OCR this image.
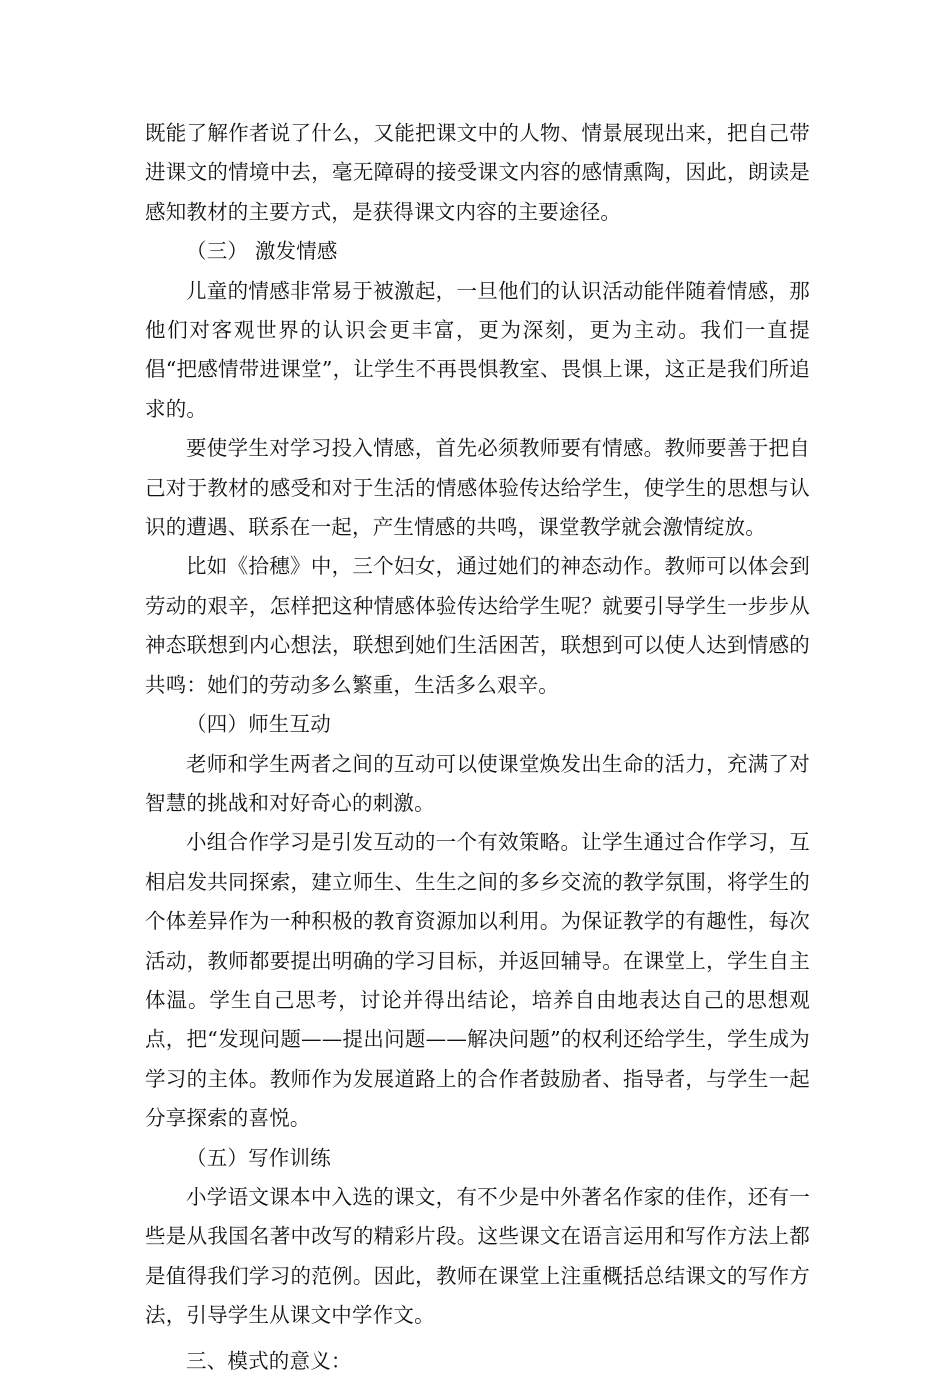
既能了解作者说了什么，又能把课文中的人物、情景展现出来，把自己带进课文的情境中去，毫无障碍的接受课文内容的感情熏陶，因此，朗读是感知教材的主要方式，是获得课文内容的主要途径。

（三） 激发情感

儿童的情感非常易于被激起，一旦他们的认识活动能伴随着情感，那他们对客观世界的认识会更丰富，更为深刻，更为主动。我们一直提倡“把感情带进课堂”，让学生不再畏惧教室、畏惧上课，这正是我们所追求的。

要使学生对学习投入情感，首先必须教师要有情感。教师要善于把自己对于教材的感受和对于生活的情感体验传达给学生，使学生的思想与认识的遭遇、联系在一起，产生情感的共鸣，课堂教学就会激情绽放。

比如《拾穗》中，三个妇女，通过她们的神态动作。教师可以体会到劳动的艰辛，怎样把这种情感体验传达给学生呢？就要引导学生一步步从神态联想到内心想法，联想到她们生活困苦，联想到可以使人达到情感的共鸣：她们的劳动多么繁重，生活多么艰辛。

（四）师生互动

老师和学生两者之间的互动可以使课堂焕发出生命的活力，充满了对智慧的挑战和对好奇心的刺激。

小组合作学习是引发互动的一个有效策略。让学生通过合作学习，互相启发共同探索，建立师生、生生之间的多乡交流的教学氛围，将学生的个体差异作为一种积极的教育资源加以利用。为保证教学的有趣性，每次活动，教师都要提出明确的学习目标，并返回辅导。在课堂上，学生自主体温。学生自己思考，讨论并得出结论，培养自由地表达自己的思想观点，把“发现问题——提出问题——解决问题”的权利还给学生，学生成为学习的主体。教师作为发展道路上的合作者鼓励者、指导者，与学生一起分享探索的喜悦。

（五）写作训练

小学语文课本中入选的课文，有不少是中外著名作家的佳作，还有一些是从我国名著中改写的精彩片段。这些课文在语言运用和写作方法上都是值得我们学习的范例。因此，教师在课堂上注重概括总结课文的写作方法，引导学生从课文中学作文。

三、模式的意义：
